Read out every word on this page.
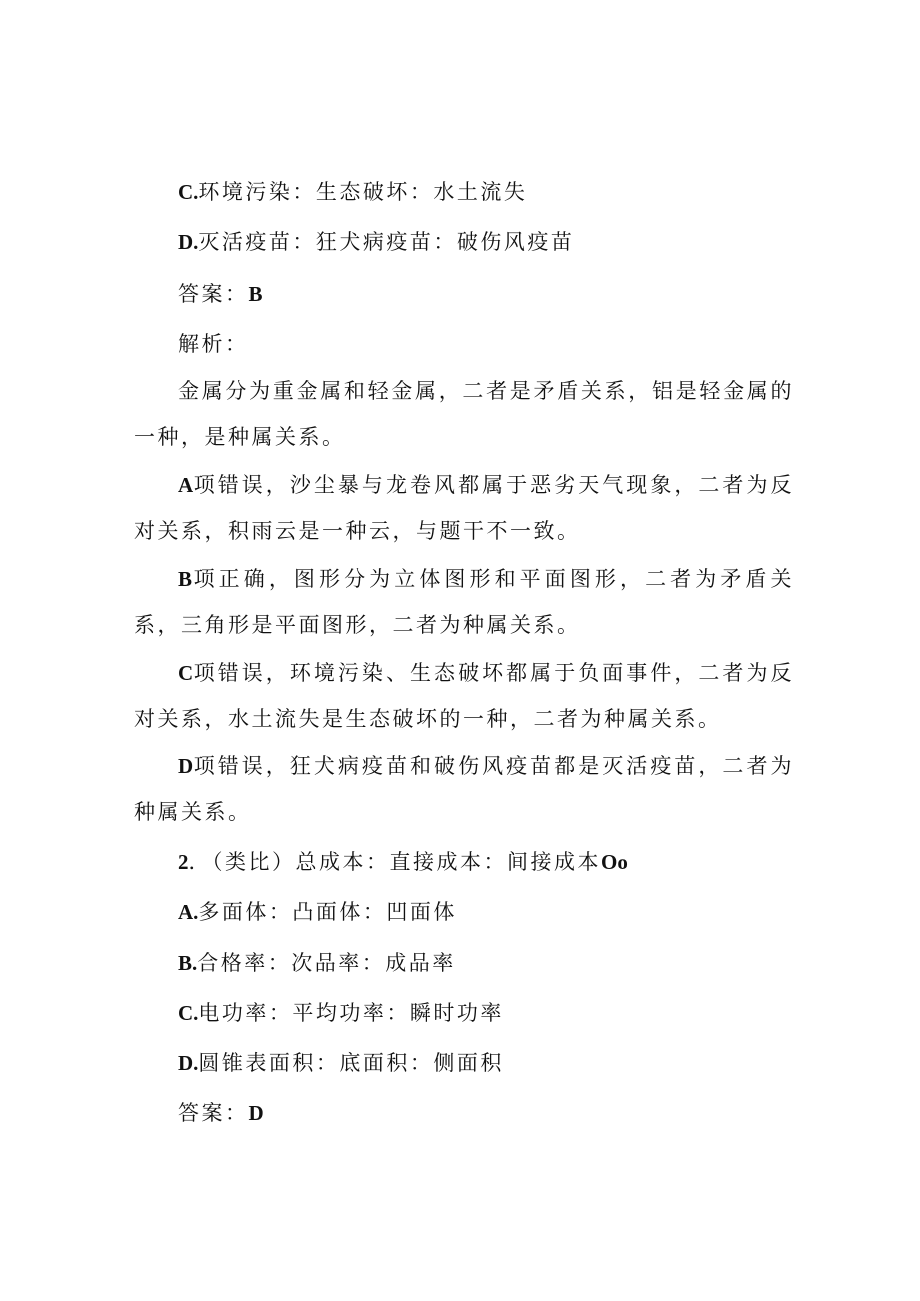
C.环境污染：生态破坏：水土流失
D.灭活疫苗：狂犬病疫苗：破伤风疫苗
答案：B
解析：
金属分为重金属和轻金属，二者是矛盾关系，铝是轻金属的一种，是种属关系。
A项错误，沙尘暴与龙卷风都属于恶劣天气现象，二者为反对关系，积雨云是一种云，与题干不一致。
B项正确，图形分为立体图形和平面图形，二者为矛盾关系，三角形是平面图形，二者为种属关系。
C项错误，环境污染、生态破坏都属于负面事件，二者为反对关系，水土流失是生态破坏的一种，二者为种属关系。
D项错误，狂犬病疫苗和破伤风疫苗都是灭活疫苗，二者为种属关系。
2．（类比）总成本：直接成本：间接成本Oo
A.多面体：凸面体：凹面体
B.合格率：次品率：成品率
C.电功率：平均功率：瞬时功率
D.圆锥表面积：底面积：侧面积
答案：D
